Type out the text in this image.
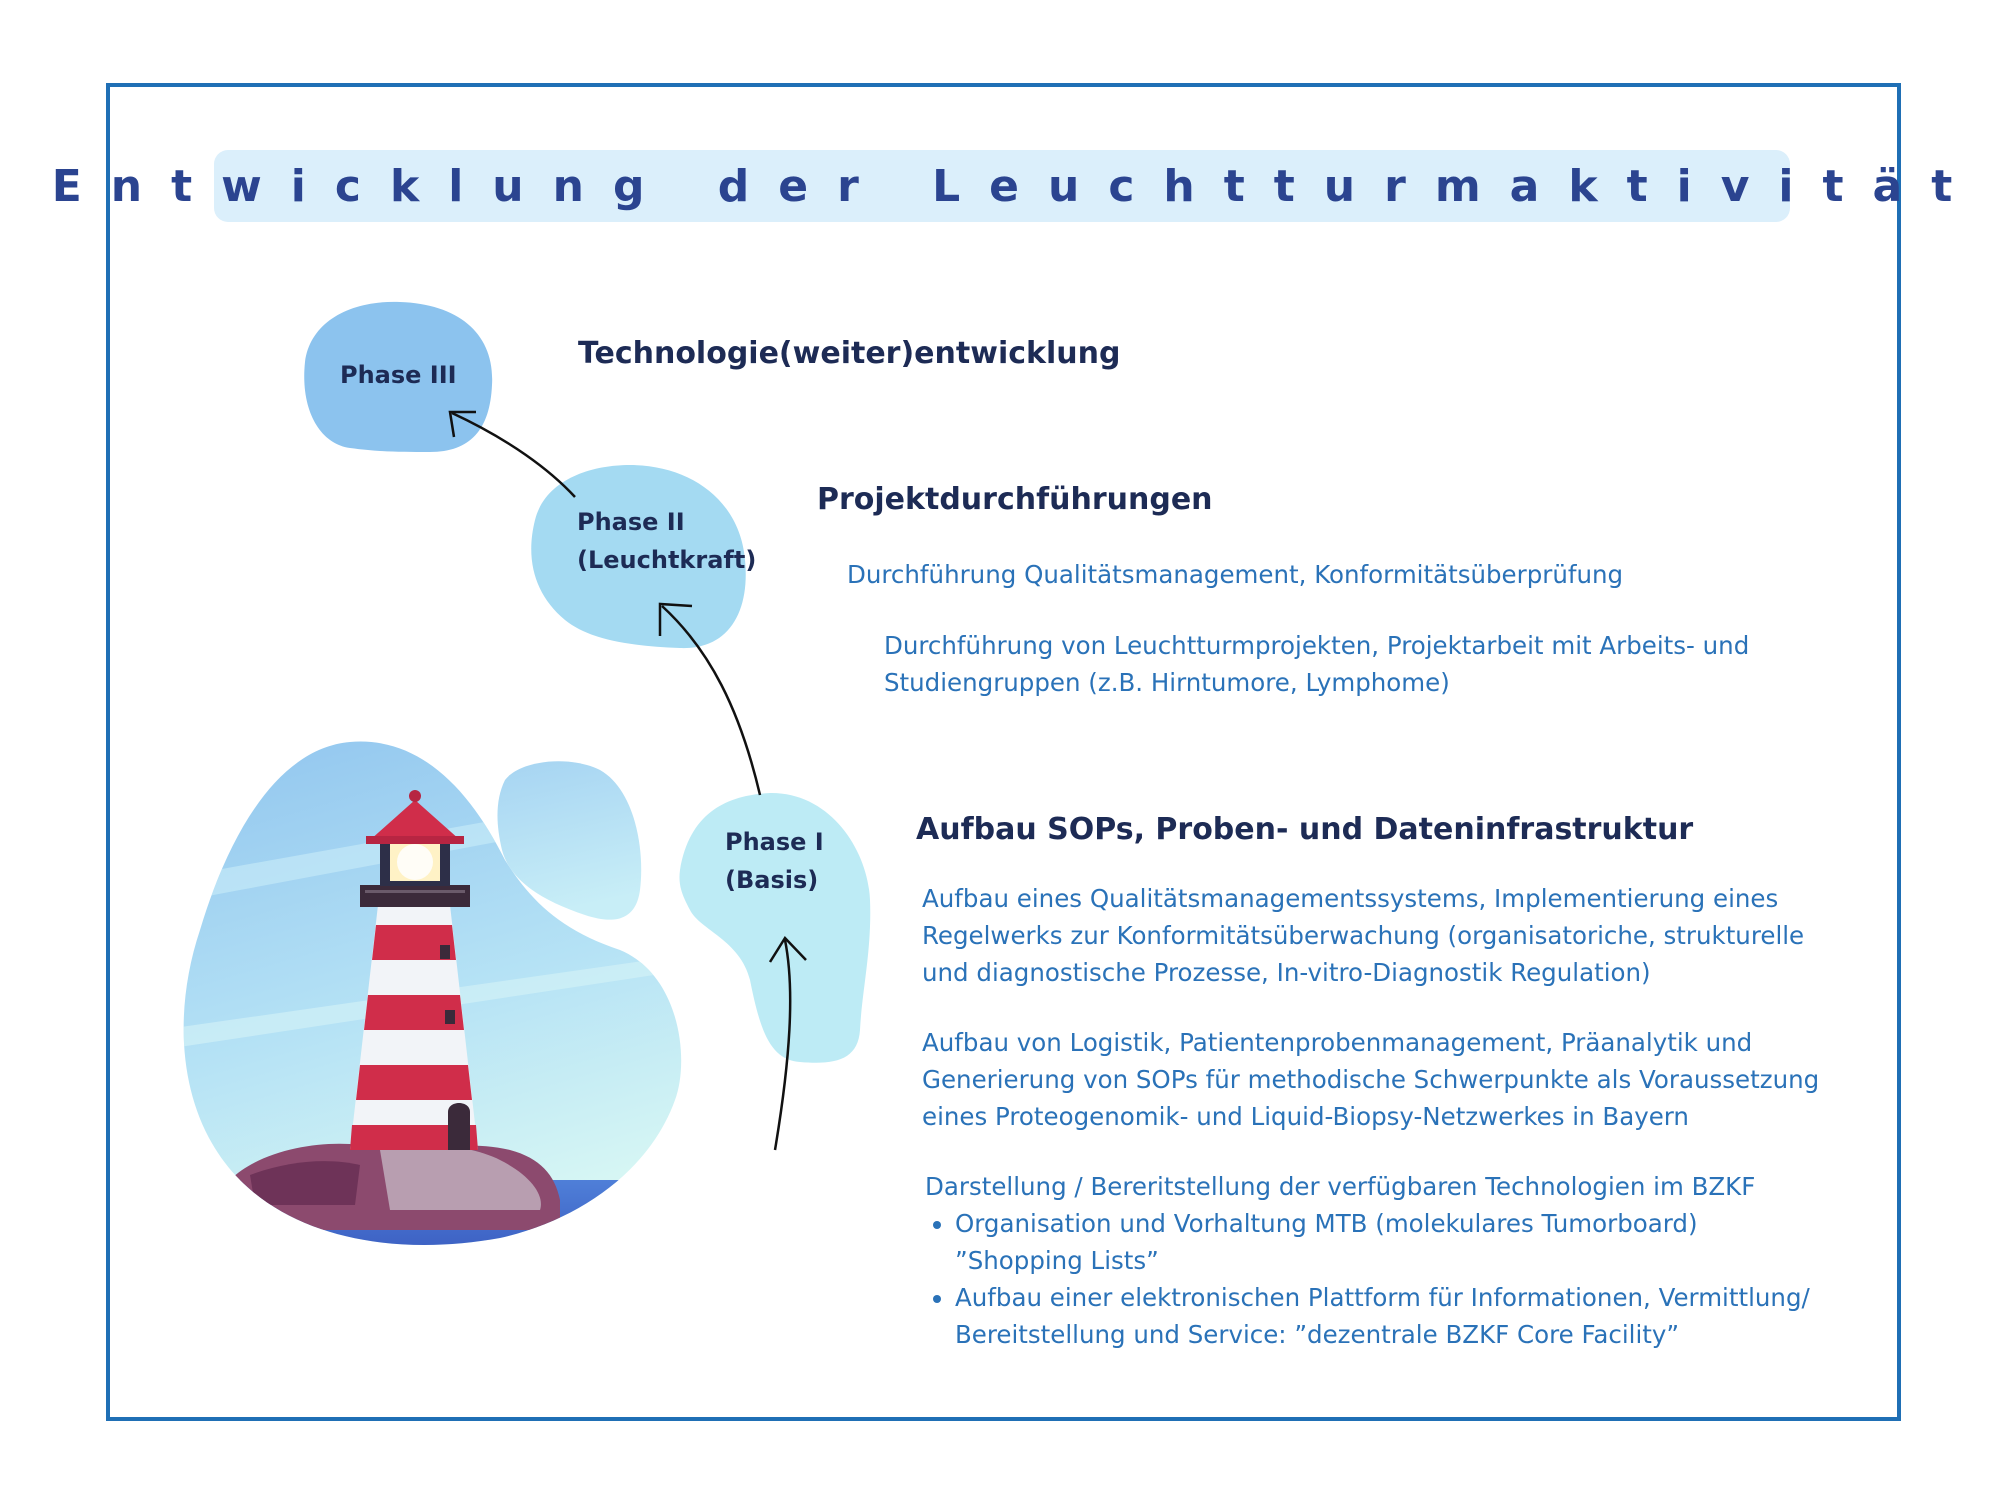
Entwicklung der Leuchtturmaktivität
Phase III
Phase II
(Leuchtkraft)
Phase I
(Basis)
Technologie(weiter)entwicklung
Projektdurchführungen
Aufbau SOPs, Proben- und Dateninfrastruktur

Durchführung Qualitätsmanagement, Konformitätsüberprüfung

Durchführung von Leuchtturmprojekten, Projektarbeit mit Arbeits- und

Studiengruppen (z.B. Hirntumore, Lymphome)

Aufbau eines Qualitätsmanagementssystems, Implementierung eines

Regelwerks zur Konformitätsüberwachung (organisatoriche, strukturelle

und diagnostische Prozesse, In-vitro-Diagnostik Regulation)

Aufbau von Logistik, Patientenprobenmanagement, Präanalytik und

Generierung von SOPs für methodische Schwerpunkte als Voraussetzung

eines Proteogenomik- und Liquid-Biopsy-Netzwerkes in Bayern

Darstellung / Bereritstellung der verfügbaren Technologien im BZKF

• Organisation und Vorhaltung MTB (molekulares Tumorboard)
”Shopping Lists”
• Aufbau einer elektronischen Plattform für Informationen, Vermittlung/
Bereitstellung und Service: ”dezentrale BZKF Core Facility”
